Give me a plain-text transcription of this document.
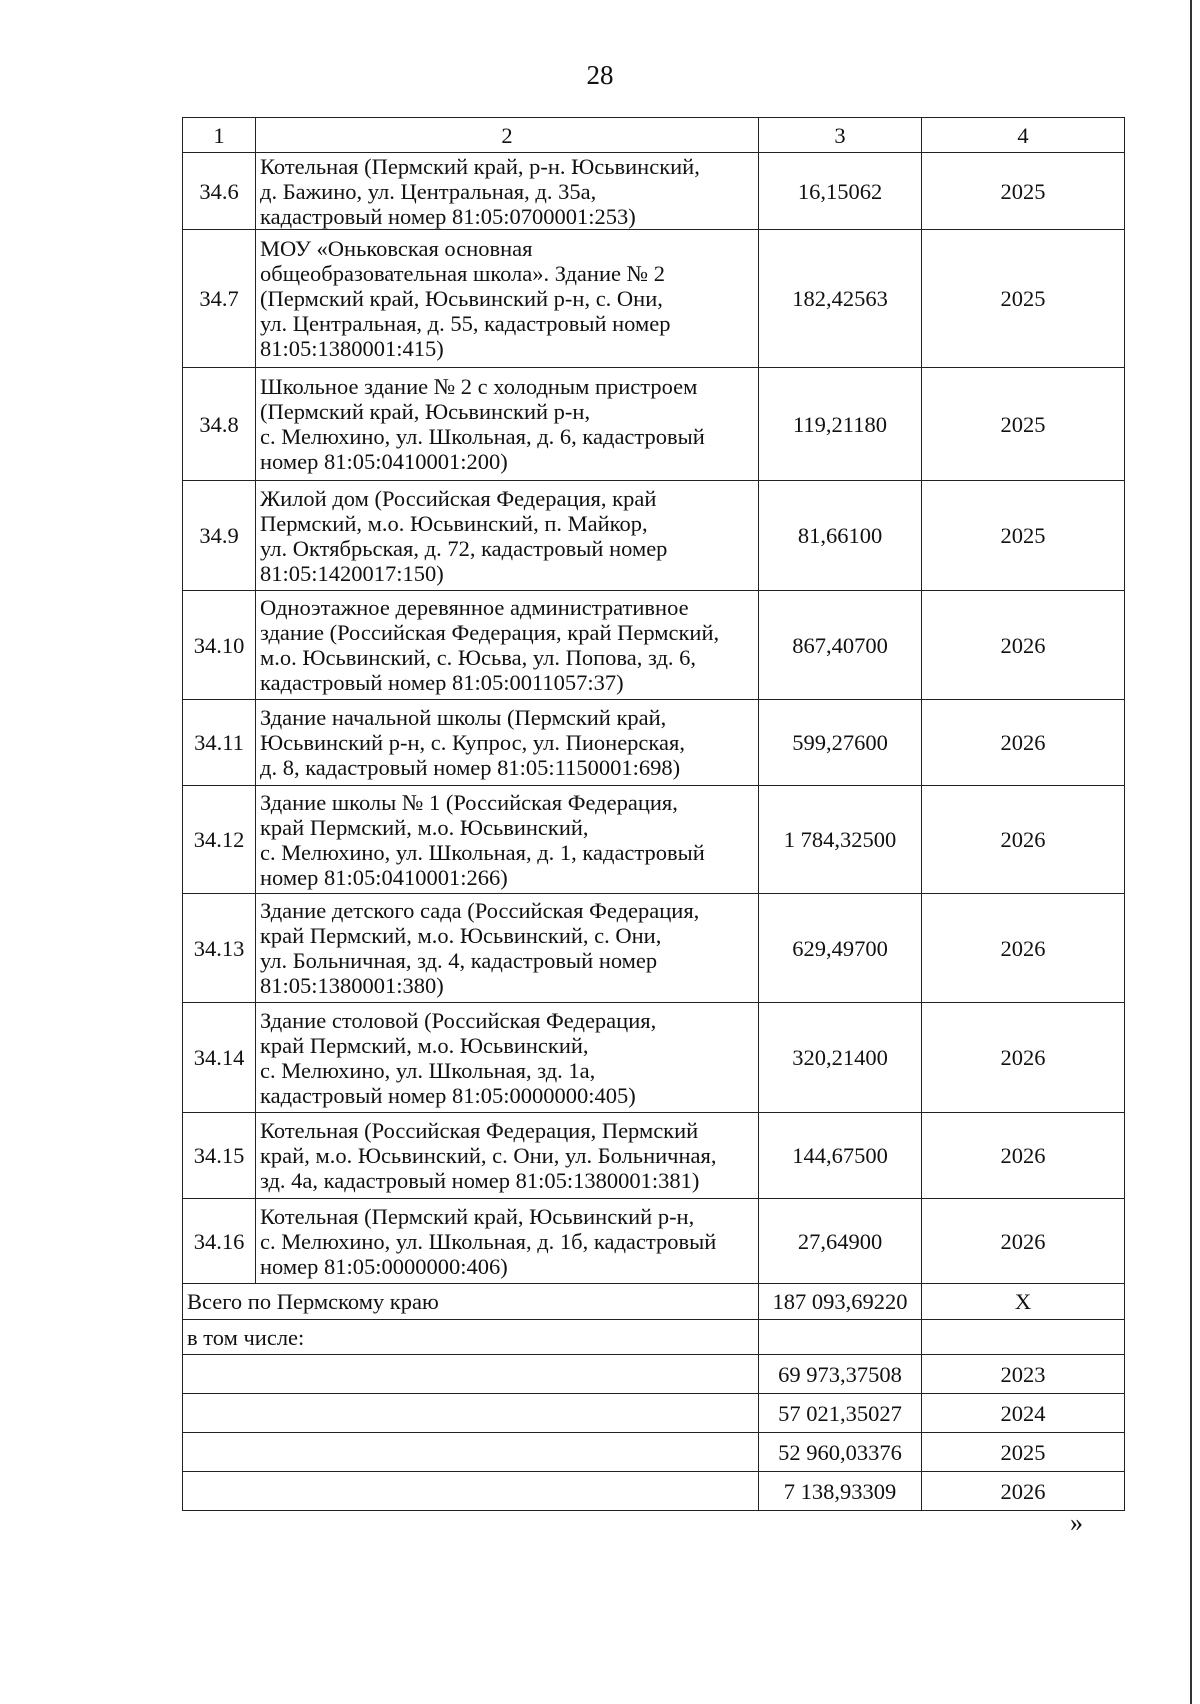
28
1	2	3	4
34.6	Котельная (Пермский край, р-н. Юсьвинский,
д. Бажино, ул. Центральная, д. 35а,
кадастровый номер 81:05:0700001:253)	16,15062	2025
34.7	МОУ «Оньковская основная
общеобразовательная школа». Здание № 2
(Пермский край, Юсьвинский р-н, с. Они,
ул. Центральная, д. 55, кадастровый номер
81:05:1380001:415)	182,42563	2025
34.8	Школьное здание № 2 с холодным пристроем
(Пермский край, Юсьвинский р-н,
с. Мелюхино, ул. Школьная, д. 6, кадастровый
номер 81:05:0410001:200)	119,21180	2025
34.9	Жилой дом (Российская Федерация, край
Пермский, м.о. Юсьвинский, п. Майкор,
ул. Октябрьская, д. 72, кадастровый номер
81:05:1420017:150)	81,66100	2025
34.10	Одноэтажное деревянное административное
здание (Российская Федерация, край Пермский,
м.о. Юсьвинский, с. Юсьва, ул. Попова, зд. 6,
кадастровый номер 81:05:0011057:37)	867,40700	2026
34.11	Здание начальной школы (Пермский край,
Юсьвинский р-н, с. Купрос, ул. Пионерская,
д. 8, кадастровый номер 81:05:1150001:698)	599,27600	2026
34.12	Здание школы № 1 (Российская Федерация,
край Пермский, м.о. Юсьвинский,
с. Мелюхино, ул. Школьная, д. 1, кадастровый
номер 81:05:0410001:266)	1 784,32500	2026
34.13	Здание детского сада (Российская Федерация,
край Пермский, м.о. Юсьвинский, с. Они,
ул. Больничная, зд. 4, кадастровый номер
81:05:1380001:380)	629,49700	2026
34.14	Здание столовой (Российская Федерация,
край Пермский, м.о. Юсьвинский,
с. Мелюхино, ул. Школьная, зд. 1а,
кадастровый номер 81:05:0000000:405)	320,21400	2026
34.15	Котельная (Российская Федерация, Пермский
край, м.о. Юсьвинский, с. Они, ул. Больничная,
зд. 4а, кадастровый номер 81:05:1380001:381)	144,67500	2026
34.16	Котельная (Пермский край, Юсьвинский р-н,
с. Мелюхино, ул. Школьная, д. 1б, кадастровый
номер 81:05:0000000:406)	27,64900	2026
Всего по Пермскому краю		187 093,69220	X
в том числе:			
		69 973,37508	2023
		57 021,35027	2024
		52 960,03376	2025
		7 138,93309	2026
»
